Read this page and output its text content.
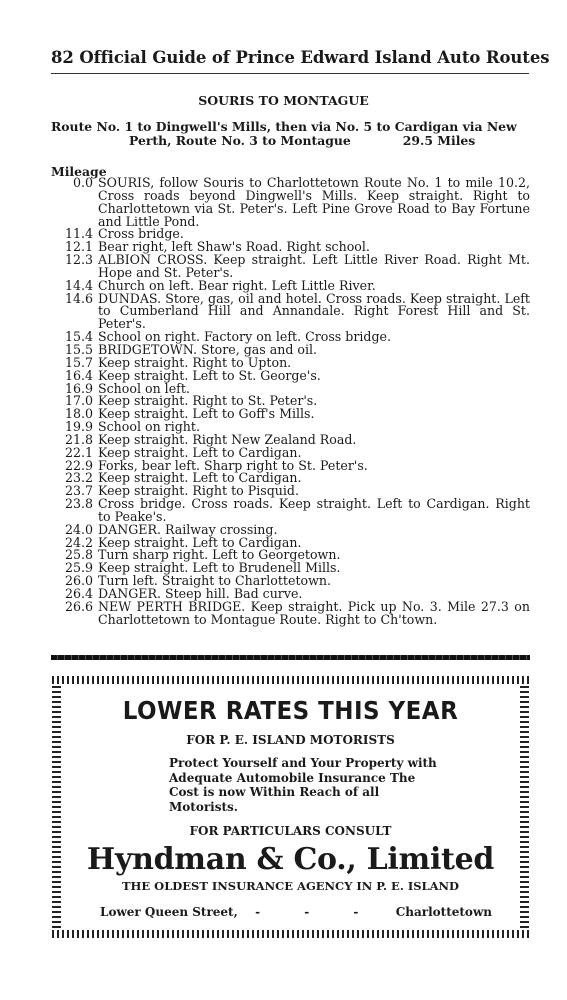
82 Official Guide of Prince Edward Island Auto Routes
SOURIS TO MONTAGUE
Route No. 1 to Dingwell's Mills, then via No. 5 to Cardigan via New
Perth, Route No. 3 to Montague	29.5 Miles
Mileage
0.0 SOURIS, follow Souris to Charlottetown Route No. 1 to mile 10.2, Cross roads beyond Dingwell's Mills. Keep straight. Right to Charlottetown via St. Peter's. Left Pine Grove Road to Bay Fortune and Little Pond.
11.4 Cross bridge.
12.1 Bear right, left Shaw's Road. Right school.
12.3 ALBION CROSS. Keep straight. Left Little River Road. Right Mt. Hope and St. Peter's.
14.4 Church on left. Bear right. Left Little River.
14.6 DUNDAS. Store, gas, oil and hotel. Cross roads. Keep straight. Left to Cumberland Hill and Annandale. Right Forest Hill and St. Peter's.
15.4 School on right. Factory on left. Cross bridge.
15.5 BRIDGETOWN. Store, gas and oil.
15.7 Keep straight. Right to Upton.
16.4 Keep straight. Left to St. George's.
16.9 School on left.
17.0 Keep straight. Right to St. Peter's.
18.0 Keep straight. Left to Goff's Mills.
19.9 School on right.
21.8 Keep straight. Right New Zealand Road.
22.1 Keep straight. Left to Cardigan.
22.9 Forks, bear left. Sharp right to St. Peter's.
23.2 Keep straight. Left to Cardigan.
23.7 Keep straight. Right to Pisquid.
23.8 Cross bridge. Cross roads. Keep straight. Left to Cardigan. Right to Peake's.
24.0 DANGER. Railway crossing.
24.2 Keep straight. Left to Cardigan.
25.8 Turn sharp right. Left to Georgetown.
25.9 Keep straight. Left to Brudenell Mills.
26.0 Turn left. Straight to Charlottetown.
26.4 DANGER. Steep hill. Bad curve.
26.6 NEW PERTH BRIDGE. Keep straight. Pick up No. 3. Mile 27.3 on Charlottetown to Montague Route. Right to Ch'town.
LOWER RATES THIS YEAR
FOR P. E. ISLAND MOTORISTS
Protect Yourself and Your Property with Adequate Automobile Insurance The Cost is now Within Reach of all Motorists.
FOR PARTICULARS CONSULT
Hyndman & Co., Limited
THE OLDEST INSURANCE AGENCY IN P. E. ISLAND
Lower Queen Street, - - - Charlottetown
